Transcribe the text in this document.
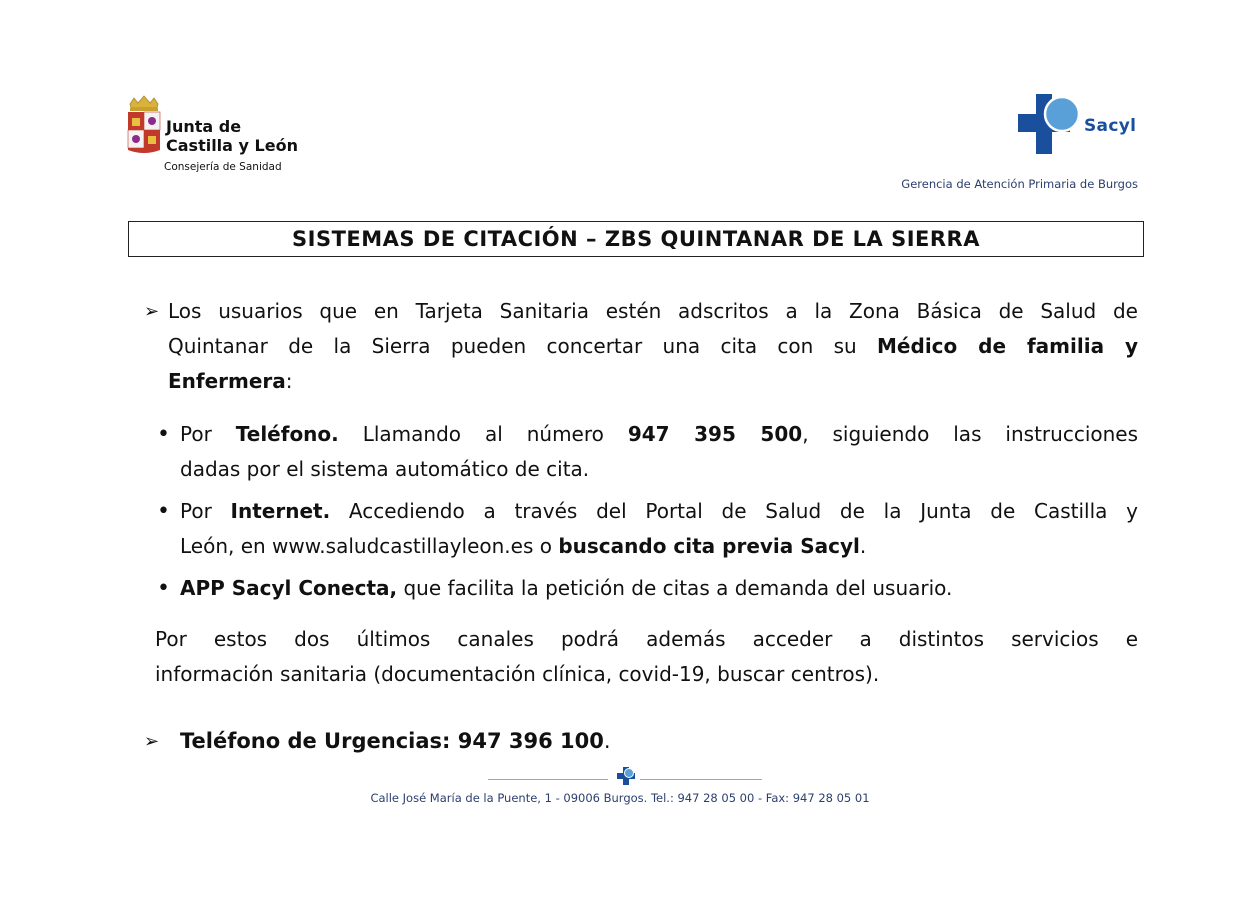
Junta de
Castilla y León
Consejería de Sanidad
Sacyl
Gerencia de Atención Primaria de Burgos
SISTEMAS DE CITACIÓN – ZBS QUINTANAR DE LA SIERRA
➢ Los usuarios que en Tarjeta Sanitaria estén adscritos a la Zona Básica de Salud de
Quintanar de la Sierra pueden concertar una cita con su Médico de familia y
Enfermera:
• Por Teléfono. Llamando al número 947 395 500, siguiendo las instrucciones
dadas por el sistema automático de cita.
• Por Internet. Accediendo a través del Portal de Salud de la Junta de Castilla y
León, en www.saludcastillayleon.es o buscando cita previa Sacyl.
• APP Sacyl Conecta, que facilita la petición de citas a demanda del usuario.
Por estos dos últimos canales podrá además acceder a distintos servicios e
información sanitaria (documentación clínica, covid-19, buscar centros).
➢ Teléfono de Urgencias: 947 396 100.
Calle José María de la Puente, 1 - 09006 Burgos. Tel.: 947 28 05 00 - Fax: 947 28 05 01
